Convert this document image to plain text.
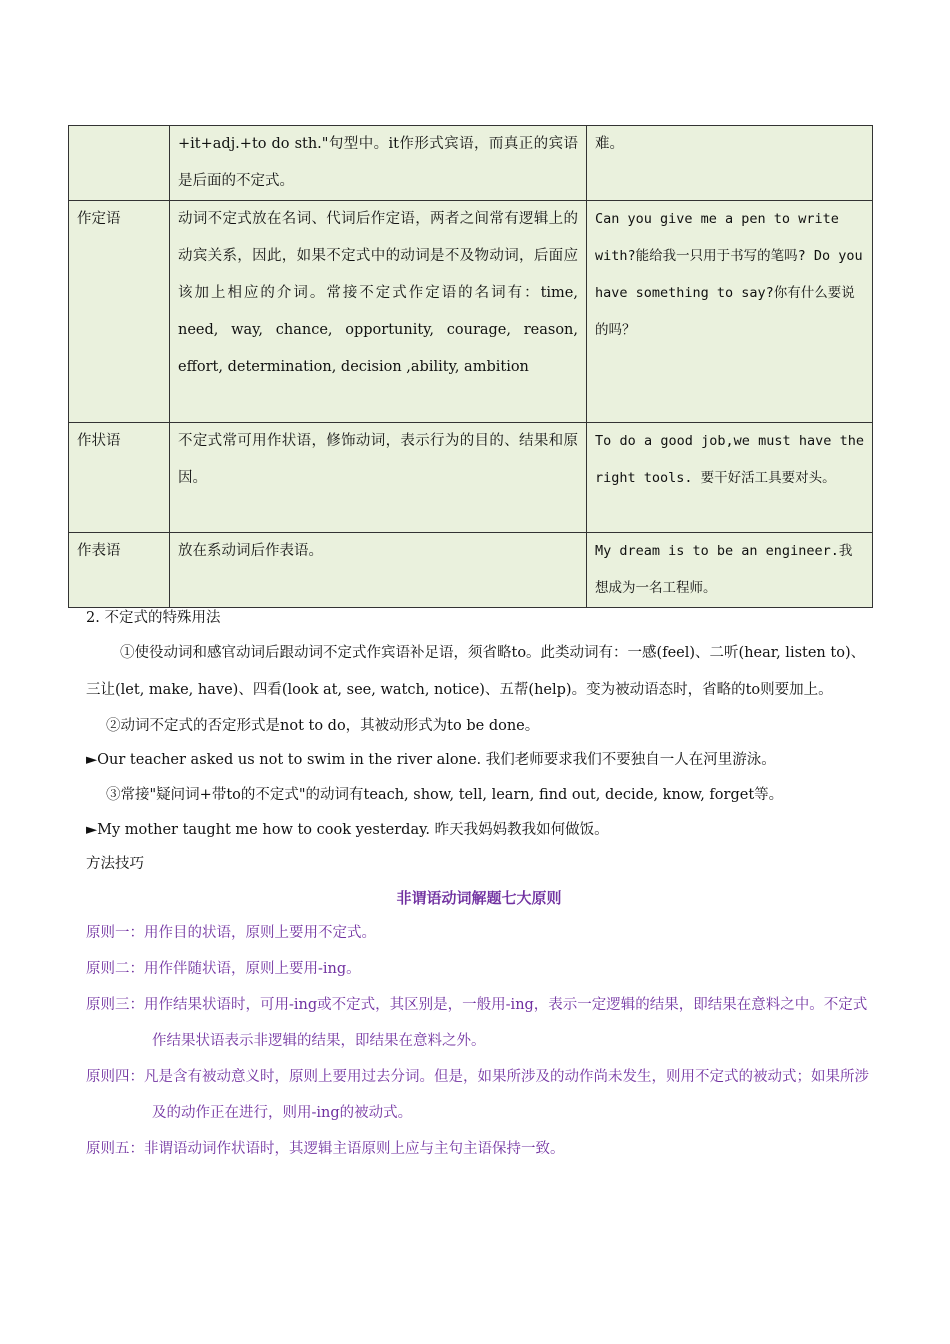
	+it+adj.+to do sth."句型中。it作形式宾语，而真正的宾语是后面的不定式。	难。
作定语	动词不定式放在名词、代词后作定语，两者之间常有逻辑上的动宾关系，因此，如果不定式中的动词是不及物动词，后面应该加上相应的介词。常接不定式作定语的名词有：time, need, way, chance, opportunity, courage, reason, effort, determination, decision ,ability, ambition	Can you give me a pen to write with?能给我一只用于书写的笔吗? Do you have something to say?你有什么要说的吗？
作状语	不定式常可用作状语，修饰动词，表示行为的目的、结果和原因。	To do a good job,we must have the right tools. 要干好活工具要对头。
作表语	放在系动词后作表语。	My dream is to be an engineer.我想成为一名工程师。

2. 不定式的特殊用法

①使役动词和感官动词后跟动词不定式作宾语补足语，须省略to。此类动词有：一感(feel)、二听(hear, listen to)、三让(let, make, have)、四看(look at, see, watch, notice)、五帮(help)。变为被动语态时，省略的to则要加上。

②动词不定式的否定形式是not to do，其被动形式为to be done。

►Our teacher asked us not to swim in the river alone. 我们老师要求我们不要独自一人在河里游泳。

③常接"疑问词+带to的不定式"的动词有teach, show, tell, learn, find out, decide, know, forget等。

►My mother taught me how to cook yesterday. 昨天我妈妈教我如何做饭。

方法技巧

非谓语动词解题七大原则

原则一：用作目的状语，原则上要用不定式。

原则二：用作伴随状语，原则上要用-ing。

原则三：用作结果状语时，可用-ing或不定式，其区别是，一般用-ing，表示一定逻辑的结果，即结果在意料之中。不定式作结果状语表示非逻辑的结果，即结果在意料之外。

原则四：凡是含有被动意义时，原则上要用过去分词。但是，如果所涉及的动作尚未发生，则用不定式的被动式；如果所涉及的动作正在进行，则用-ing的被动式。

原则五：非谓语动词作状语时，其逻辑主语原则上应与主句主语保持一致。
